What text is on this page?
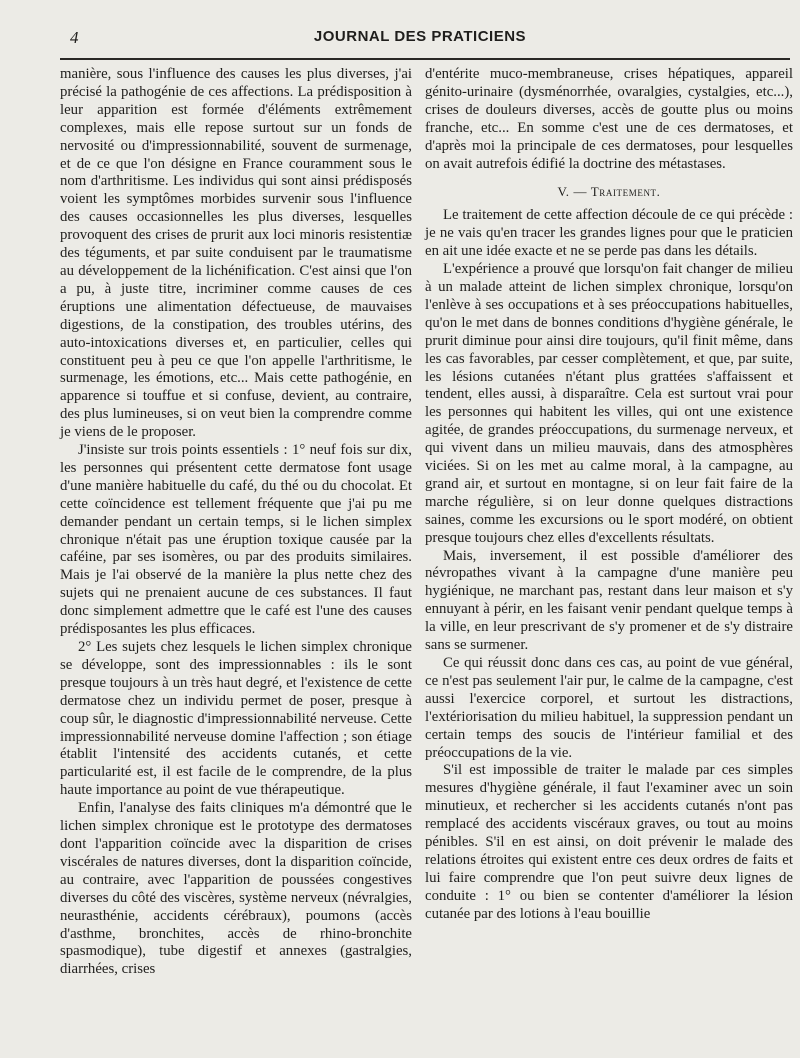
4	JOURNAL DES PRATICIENS

manière, sous l'influence des causes les plus diverses, j'ai précisé la pathogénie de ces affections. La prédisposition à leur apparition est formée d'éléments extrêmement complexes, mais elle repose surtout sur un fonds de nervosité ou d'impressionnabilité, souvent de surmenage, et de ce que l'on désigne en France couramment sous le nom d'arthritisme. Les individus qui sont ainsi prédisposés voient les symptômes morbides survenir sous l'influence des causes occasionnelles les plus diverses, lesquelles provoquent des crises de prurit aux loci minoris resistentiæ des téguments, et par suite conduisent par le traumatisme au développement de la lichénification. C'est ainsi que l'on a pu, à juste titre, incriminer comme causes de ces éruptions une alimentation défectueuse, de mauvaises digestions, de la constipation, des troubles utérins, des auto-intoxications diverses et, en particulier, celles qui constituent peu à peu ce que l'on appelle l'arthritisme, le surmenage, les émotions, etc... Mais cette pathogénie, en apparence si touffue et si confuse, devient, au contraire, des plus lumineuses, si on veut bien la comprendre comme je viens de le proposer.

J'insiste sur trois points essentiels : 1° neuf fois sur dix, les personnes qui présentent cette dermatose font usage d'une manière habituelle du café, du thé ou du chocolat. Et cette coïncidence est tellement fréquente que j'ai pu me demander pendant un certain temps, si le lichen simplex chronique n'était pas une éruption toxique causée par la caféine, par ses isomères, ou par des produits similaires. Mais je l'ai observé de la manière la plus nette chez des sujets qui ne prenaient aucune de ces substances. Il faut donc simplement admettre que le café est l'une des causes prédisposantes les plus efficaces.

2° Les sujets chez lesquels le lichen simplex chronique se développe, sont des impressionnables : ils le sont presque toujours à un très haut degré, et l'existence de cette dermatose chez un individu permet de poser, presque à coup sûr, le diagnostic d'impressionnabilité nerveuse. Cette impressionnabilité nerveuse domine l'affection ; son étiage établit l'intensité des accidents cutanés, et cette particularité est, il est facile de le comprendre, de la plus haute importance au point de vue thérapeutique.

Enfin, l'analyse des faits cliniques m'a démontré que le lichen simplex chronique est le prototype des dermatoses dont l'apparition coïncide avec la disparition de crises viscérales de natures diverses, dont la disparition coïncide, au contraire, avec l'apparition de poussées congestives diverses du côté des viscères, système nerveux (névralgies, neurasthénie, accidents cérébraux), poumons (accès d'asthme, bronchites, accès de rhino-bronchite spasmodique), tube digestif et annexes (gastralgies, diarrhées, crises

d'entérite muco-membraneuse, crises hépatiques, appareil génito-urinaire (dysménorrhée, ovaralgies, cystalgies, etc...), crises de douleurs diverses, accès de goutte plus ou moins franche, etc... En somme c'est une de ces dermatoses, et d'après moi la principale de ces dermatoses, pour lesquelles on avait autrefois édifié la doctrine des métastases.

V. — Traitement.

Le traitement de cette affection découle de ce qui précède : je ne vais qu'en tracer les grandes lignes pour que le praticien en ait une idée exacte et ne se perde pas dans les détails.

L'expérience a prouvé que lorsqu'on fait changer de milieu à un malade atteint de lichen simplex chronique, lorsqu'on l'enlève à ses occupations et à ses préoccupations habituelles, qu'on le met dans de bonnes conditions d'hygiène générale, le prurit diminue pour ainsi dire toujours, qu'il finit même, dans les cas favorables, par cesser complètement, et que, par suite, les lésions cutanées n'étant plus grattées s'affaissent et tendent, elles aussi, à disparaître. Cela est surtout vrai pour les personnes qui habitent les villes, qui ont une existence agitée, de grandes préoccupations, du surmenage nerveux, et qui vivent dans un milieu mauvais, dans des atmosphères viciées. Si on les met au calme moral, à la campagne, au grand air, et surtout en montagne, si on leur fait faire de la marche régulière, si on leur donne quelques distractions saines, comme les excursions ou le sport modéré, on obtient presque toujours chez elles d'excellents résultats.

Mais, inversement, il est possible d'améliorer des névropathes vivant à la campagne d'une manière peu hygiénique, ne marchant pas, restant dans leur maison et s'y ennuyant à périr, en les faisant venir pendant quelque temps à la ville, en leur prescrivant de s'y promener et de s'y distraire sans se surmener.

Ce qui réussit donc dans ces cas, au point de vue général, ce n'est pas seulement l'air pur, le calme de la campagne, c'est aussi l'exercice corporel, et surtout les distractions, l'extériorisation du milieu habituel, la suppression pendant un certain temps des soucis de l'intérieur familial et des préoccupations de la vie.

S'il est impossible de traiter le malade par ces simples mesures d'hygiène générale, il faut l'examiner avec un soin minutieux, et rechercher si les accidents cutanés n'ont pas remplacé des accidents viscéraux graves, ou tout au moins pénibles. S'il en est ainsi, on doit prévenir le malade des relations étroites qui existent entre ces deux ordres de faits et lui faire comprendre que l'on peut suivre deux lignes de conduite : 1° ou bien se contenter d'améliorer la lésion cutanée par des lotions à l'eau bouillie
